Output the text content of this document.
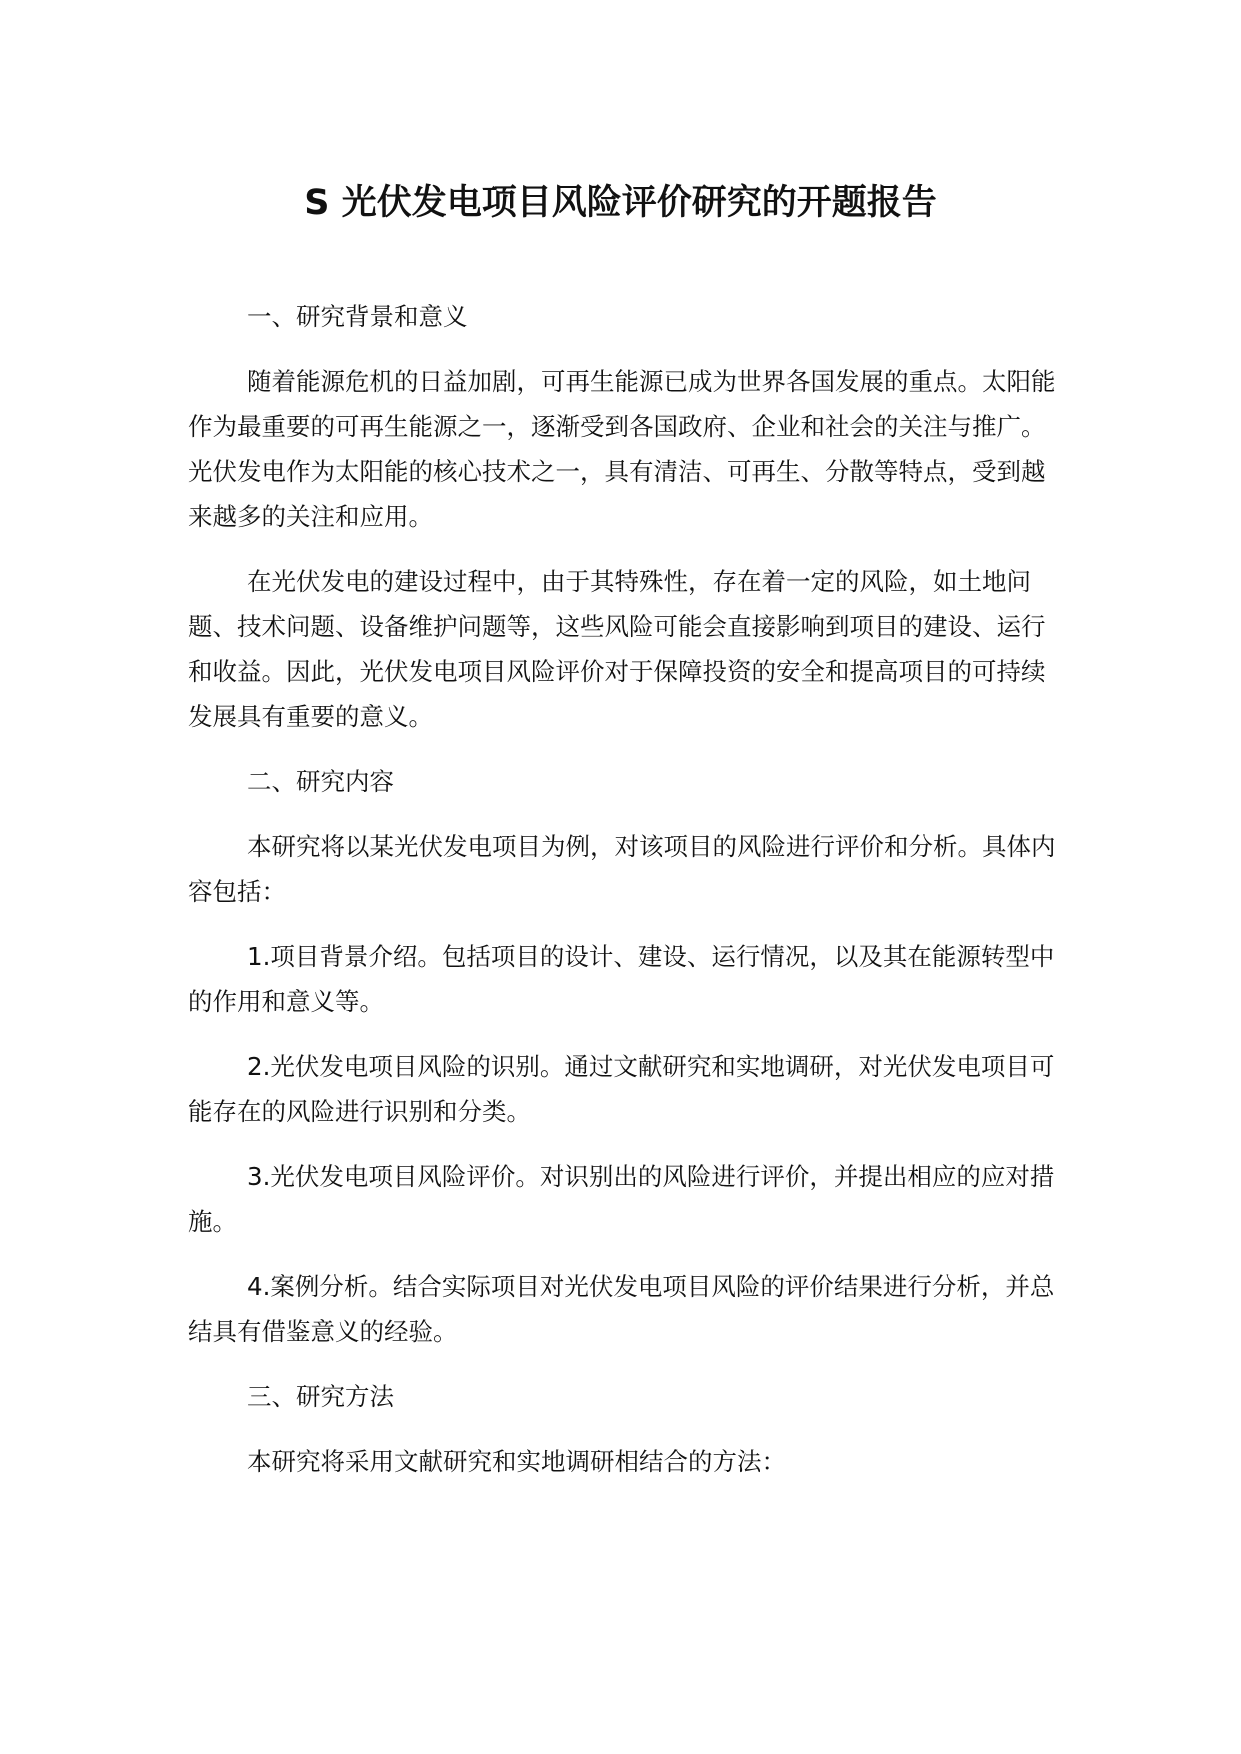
S 光伏发电项目风险评价研究的开题报告
一、研究背景和意义

随着能源危机的日益加剧，可再生能源已成为世界各国发展的重点。太阳能作为最重要的可再生能源之一，逐渐受到各国政府、企业和社会的关注与推广。光伏发电作为太阳能的核心技术之一，具有清洁、可再生、分散等特点，受到越来越多的关注和应用。

在光伏发电的建设过程中，由于其特殊性，存在着一定的风险，如土地问题、技术问题、设备维护问题等，这些风险可能会直接影响到项目的建设、运行和收益。因此，光伏发电项目风险评价对于保障投资的安全和提高项目的可持续发展具有重要的意义。

二、研究内容

本研究将以某光伏发电项目为例，对该项目的风险进行评价和分析。具体内容包括：

1.项目背景介绍。包括项目的设计、建设、运行情况，以及其在能源转型中的作用和意义等。

2.光伏发电项目风险的识别。通过文献研究和实地调研，对光伏发电项目可能存在的风险进行识别和分类。

3.光伏发电项目风险评价。对识别出的风险进行评价，并提出相应的应对措施。

4.案例分析。结合实际项目对光伏发电项目风险的评价结果进行分析，并总结具有借鉴意义的经验。

三、研究方法

本研究将采用文献研究和实地调研相结合的方法：
